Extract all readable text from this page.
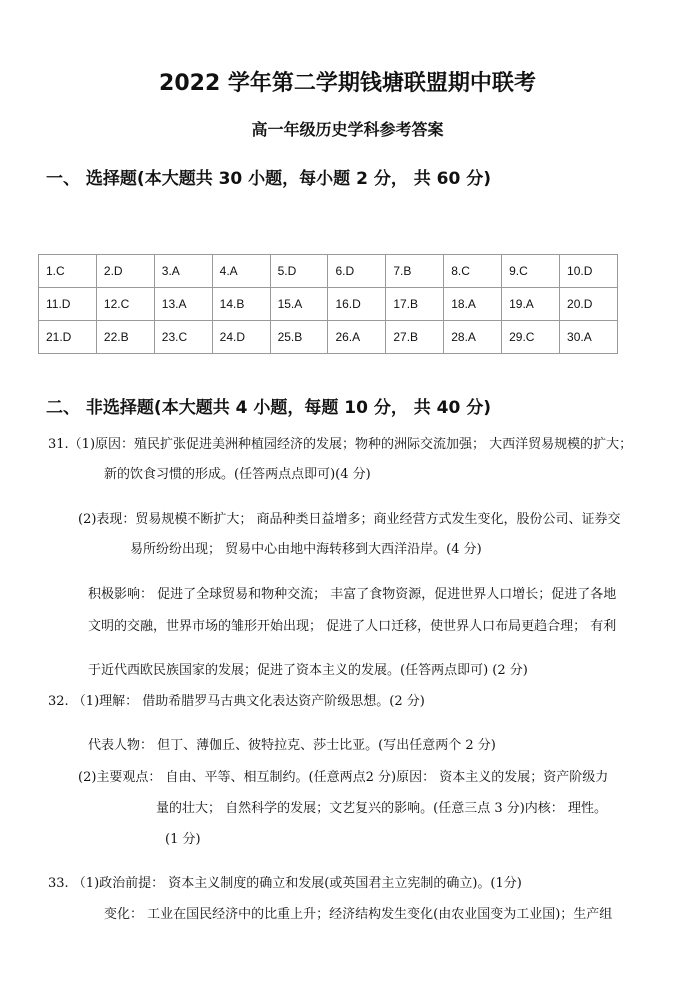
2022 学年第二学期钱塘联盟期中联考
高一年级历史学科参考答案
一、 选择题(本大题共 30 小题，每小题 2 分， 共 60 分)
1.C	2.D	3.A	4.A	5.D	6.D	7.B	8.C	9.C	10.D
11.D	12.C	13.A	14.B	15.A	16.D	17.B	18.A	19.A	20.D
21.D	22.B	23.C	24.D	25.B	26.A	27.B	28.A	29.C	30.A
二、 非选择题(本大题共 4 小题，每题 10 分， 共 40 分)
31.（1)原因：殖民扩张促进美洲种植园经济的发展；物种的洲际交流加强； 大西洋贸易规模的扩大；
新的饮食习惯的形成。(任答两点点即可)(4 分)
(2)表现：贸易规模不断扩大； 商品种类日益增多；商业经营方式发生变化，股份公司、证券交
易所纷纷出现； 贸易中心由地中海转移到大西洋沿岸。(4 分)
积极影响： 促进了全球贸易和物种交流； 丰富了食物资源，促进世界人口增长；促进了各地
文明的交融，世界市场的雏形开始出现； 促进了人口迁移，使世界人口布局更趋合理； 有利
于近代西欧民族国家的发展；促进了资本主义的发展。(任答两点即可) (2 分)
32. （1)理解： 借助希腊罗马古典文化表达资产阶级思想。(2 分)
代表人物： 但丁、薄伽丘、彼特拉克、莎士比亚。(写出任意两个 2 分)
(2)主要观点： 自由、平等、相互制约。(任意两点2 分)原因： 资本主义的发展；资产阶级力
量的壮大； 自然科学的发展；文艺复兴的影响。(任意三点 3 分)内核： 理性。
(1 分)
33. （1)政治前提： 资本主义制度的确立和发展(或英国君主立宪制的确立)。(1分)
变化： 工业在国民经济中的比重上升；经济结构发生变化(由农业国变为工业国)；生产组
